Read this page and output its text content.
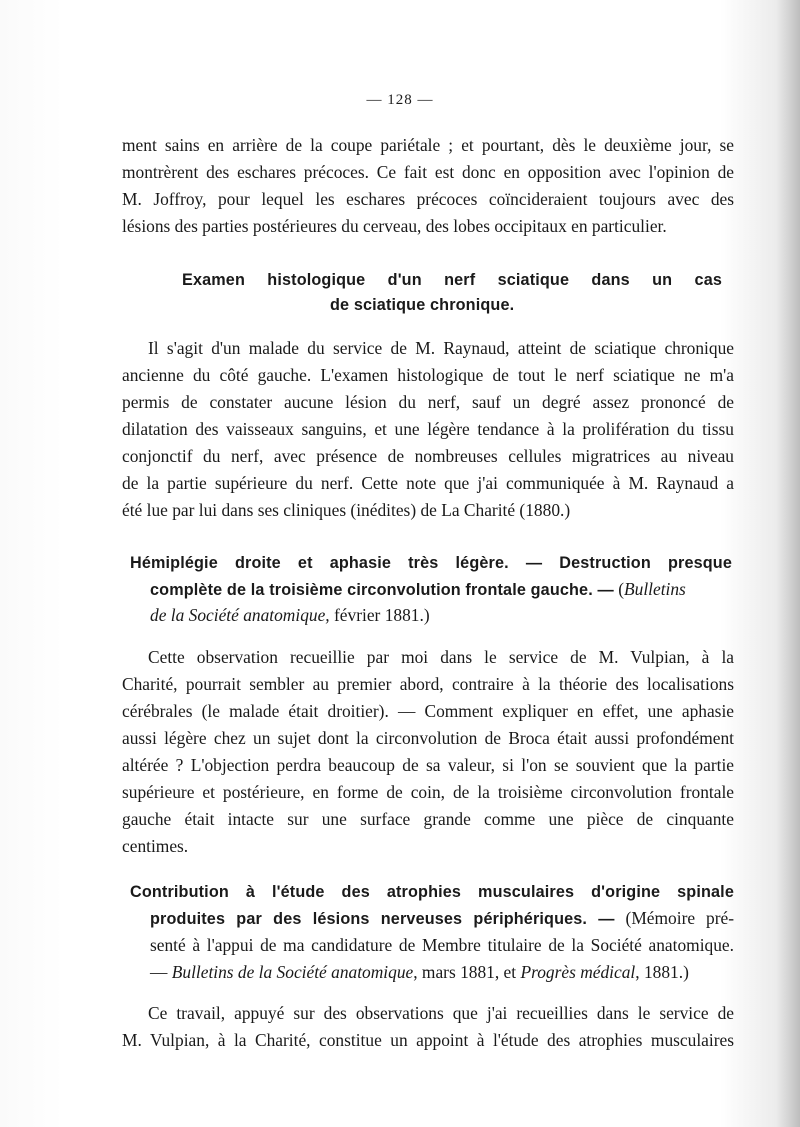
— 128 —
ment sains en arrière de la coupe pariétale ; et pourtant, dès le deuxième jour, se
montrèrent des eschares précoces. Ce fait est donc en opposition avec l'opinion de
M. Joffroy, pour lequel les eschares précoces coïncideraient toujours avec des
lésions des parties postérieures du cerveau, des lobes occipitaux en particulier.
Examen histologique d'un nerf sciatique dans un cas
de sciatique chronique.
Il s'agit d'un malade du service de M. Raynaud, atteint de sciatique chronique
ancienne du côté gauche. L'examen histologique de tout le nerf sciatique ne m'a
permis de constater aucune lésion du nerf, sauf un degré assez prononcé de
dilatation des vaisseaux sanguins, et une légère tendance à la prolifération du tissu
conjonctif du nerf, avec présence de nombreuses cellules migratrices au niveau
de la partie supérieure du nerf. Cette note que j'ai communiquée à M. Raynaud a
été lue par lui dans ses cliniques (inédites) de La Charité (1880.)
Hémiplégie droite et aphasie très légère. — Destruction presque
complète de la troisième circonvolution frontale gauche. — (Bulletins
de la Société anatomique, février 1881.)
Cette observation recueillie par moi dans le service de M. Vulpian, à la
Charité, pourrait sembler au premier abord, contraire à la théorie des localisations
cérébrales (le malade était droitier). — Comment expliquer en effet, une aphasie
aussi légère chez un sujet dont la circonvolution de Broca était aussi profondément
altérée ? L'objection perdra beaucoup de sa valeur, si l'on se souvient que la partie
supérieure et postérieure, en forme de coin, de la troisième circonvolution frontale
gauche était intacte sur une surface grande comme une pièce de cinquante
centimes.
Contribution à l'étude des atrophies musculaires d'origine spinale
produites par des lésions nerveuses périphériques. — (Mémoire pré-
senté à l'appui de ma candidature de Membre titulaire de la Société anatomique.
— Bulletins de la Société anatomique, mars 1881, et Progrès médical, 1881.)
Ce travail, appuyé sur des observations que j'ai recueillies dans le service de
M. Vulpian, à la Charité, constitue un appoint à l'étude des atrophies musculaires
